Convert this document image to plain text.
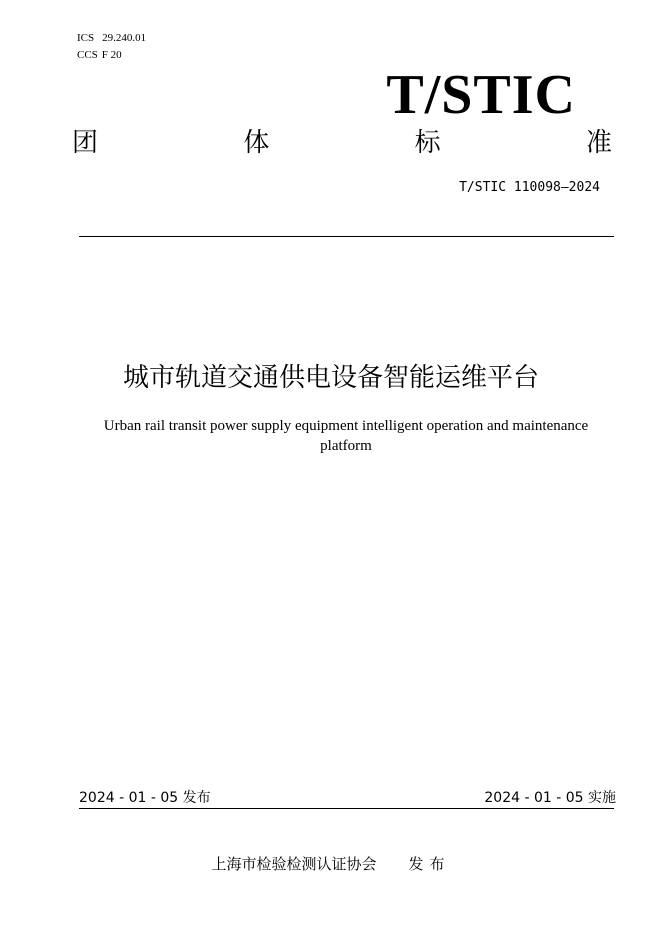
ICS 29.240.01
CCS F 20
T/STIC
团	体	标	准
T/STIC 110098—2024
城市轨道交通供电设备智能运维平台
Urban rail transit power supply equipment intelligent operation and maintenance platform
2024 - 01 - 05 发布	2024 - 01 - 05 实施
上海市检验检测认证协会 发布
